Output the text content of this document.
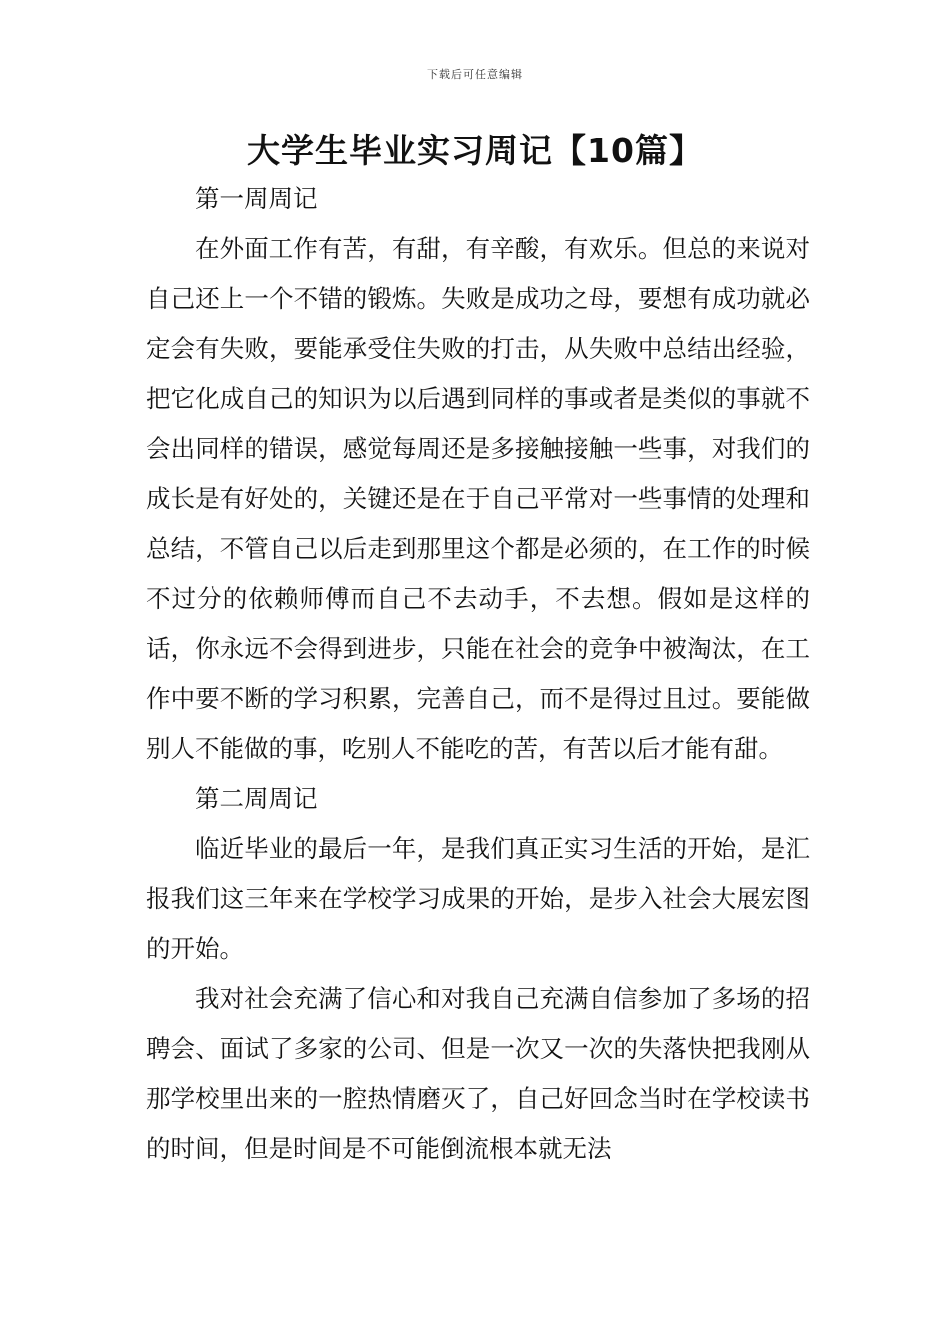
下载后可任意编辑
大学生毕业实习周记【10篇】

第一周周记

在外面工作有苦，有甜，有辛酸，有欢乐。但总的来说对自己还上一个不错的锻炼。失败是成功之母，要想有成功就必定会有失败，要能承受住失败的打击，从失败中总结出经验，把它化成自己的知识为以后遇到同样的事或者是类似的事就不会出同样的错误，感觉每周还是多接触接触一些事，对我们的成长是有好处的，关键还是在于自己平常对一些事情的处理和总结，不管自己以后走到那里这个都是必须的，在工作的时候不过分的依赖师傅而自己不去动手，不去想。假如是这样的话，你永远不会得到进步，只能在社会的竞争中被淘汰，在工作中要不断的学习积累，完善自己，而不是得过且过。要能做别人不能做的事，吃别人不能吃的苦，有苦以后才能有甜。

第二周周记

临近毕业的最后一年，是我们真正实习生活的开始，是汇报我们这三年来在学校学习成果的开始，是步入社会大展宏图的开始。

我对社会充满了信心和对我自己充满自信参加了多场的招聘会、面试了多家的公司、但是一次又一次的失落快把我刚从那学校里出来的一腔热情磨灭了，自己好回念当时在学校读书的时间，但是时间是不可能倒流根本就无法
